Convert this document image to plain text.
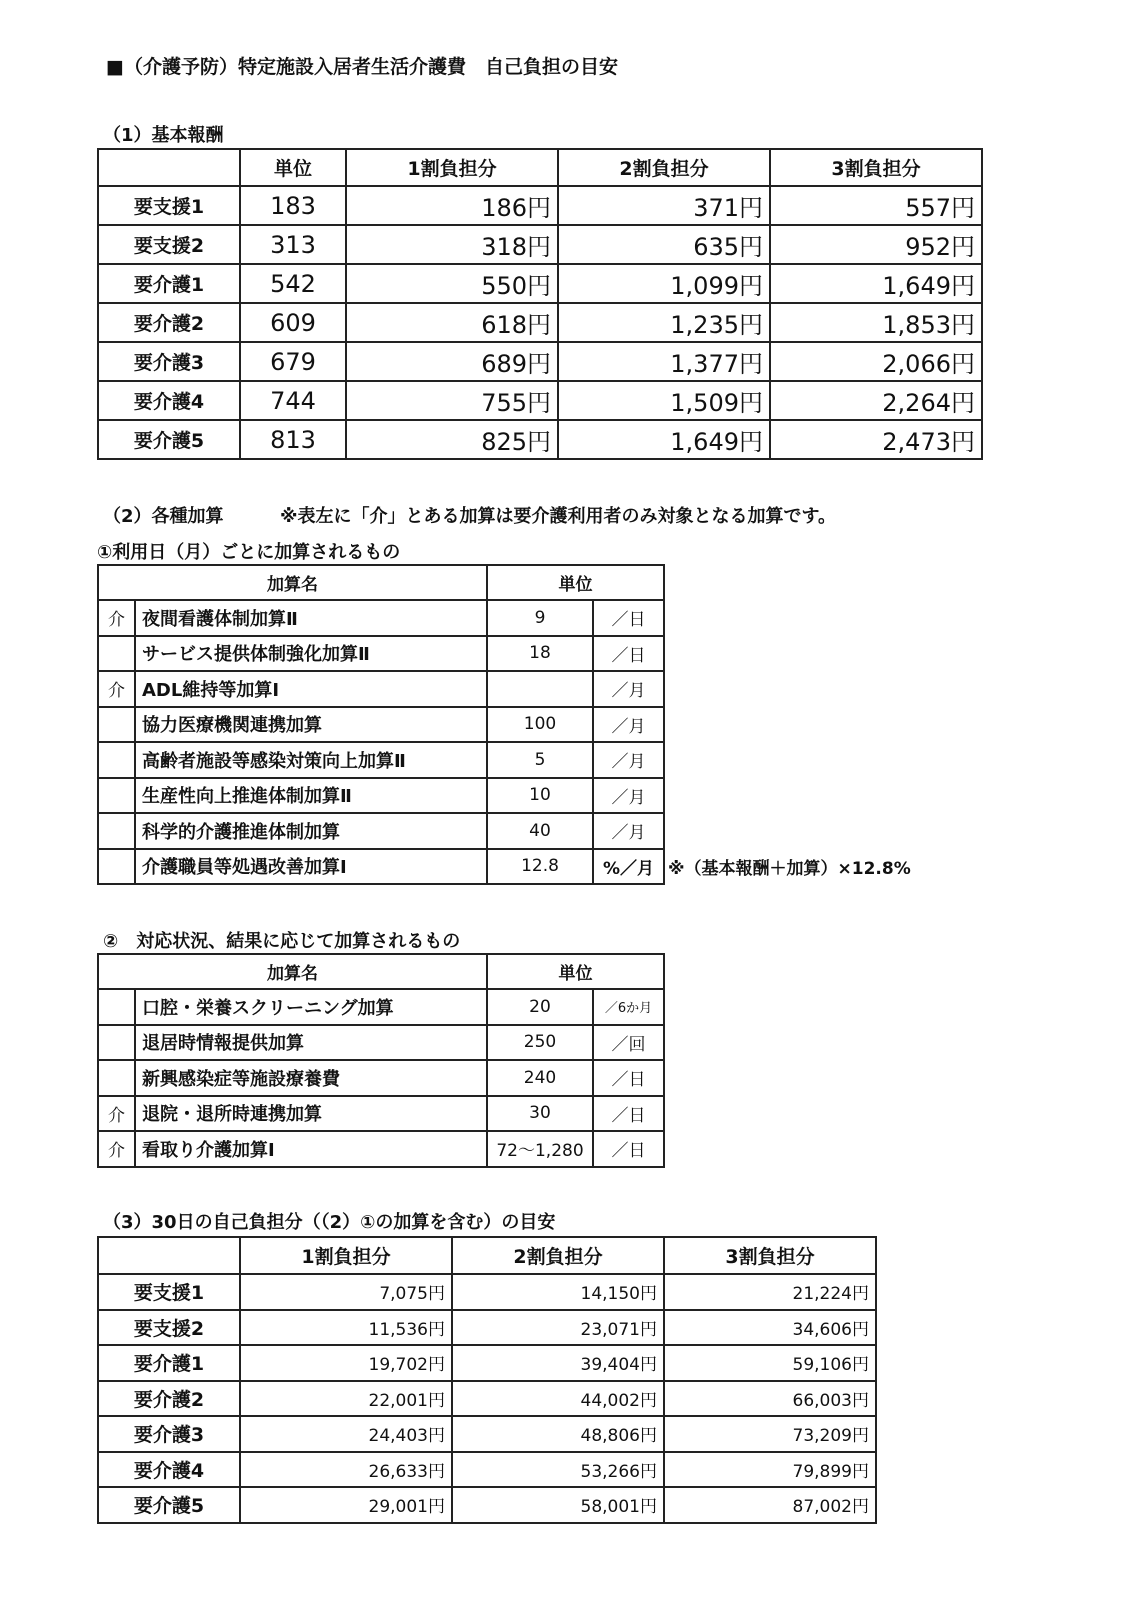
■（介護予防）特定施設入居者生活介護費　自己負担の目安
（1）基本報酬
	単位	1割負担分	2割負担分	3割負担分
要支援1	183	186円	371円	557円
要支援2	313	318円	635円	952円
要介護1	542	550円	1,099円	1,649円
要介護2	609	618円	1,235円	1,853円
要介護3	679	689円	1,377円	2,066円
要介護4	744	755円	1,509円	2,264円
要介護5	813	825円	1,649円	2,473円
（2）各種加算	※表左に「介」とある加算は要介護利用者のみ対象となる加算です。
①利用日（月）ごとに加算されるもの
加算名		単位	
介	夜間看護体制加算Ⅱ	9	／日
	サービス提供体制強化加算Ⅱ	18	／日
介	ADL維持等加算Ⅰ		／月
	協力医療機関連携加算	100	／月
	高齢者施設等感染対策向上加算Ⅱ	5	／月
	生産性向上推進体制加算Ⅱ	10	／月
	科学的介護推進体制加算	40	／月
	介護職員等処遇改善加算Ⅰ	12.8	%／月 ※（基本報酬＋加算）×12.8%
②　対応状況、結果に応じて加算されるもの
加算名		単位	
	口腔・栄養スクリーニング加算	20	／6か月
	退居時情報提供加算	250	／回
	新興感染症等施設療養費	240	／日
介	退院・退所時連携加算	30	／日
介	看取り介護加算Ⅰ	72～1,280	／日
（3）30日の自己負担分（（2）①の加算を含む）の目安
	1割負担分	2割負担分	3割負担分
要支援1	7,075円	14,150円	21,224円
要支援2	11,536円	23,071円	34,606円
要介護1	19,702円	39,404円	59,106円
要介護2	22,001円	44,002円	66,003円
要介護3	24,403円	48,806円	73,209円
要介護4	26,633円	53,266円	79,899円
要介護5	29,001円	58,001円	87,002円
